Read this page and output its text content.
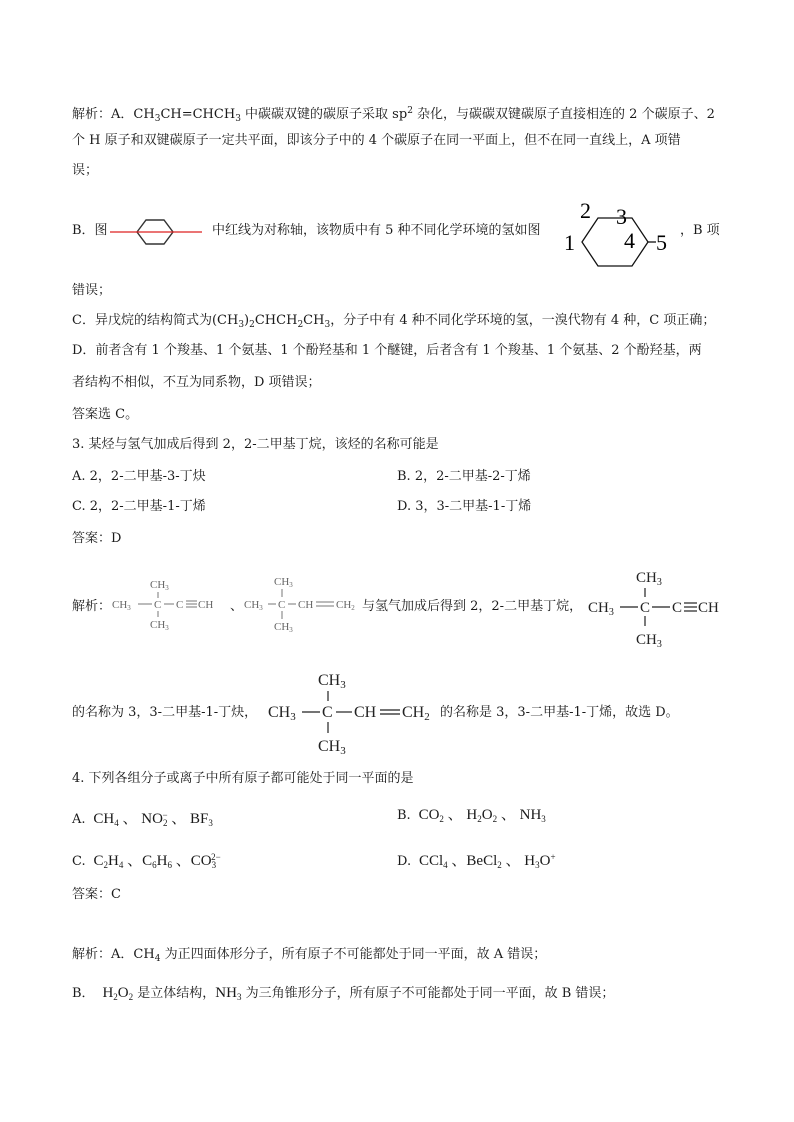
解析：A．$CH_3CH=CHCH_3$ 中碳碳双键的碳原子采取 $sp^2$ 杂化，与碳碳双键碳原子直接相连的 2 个碳原子、2
个 H 原子和双键碳原子一定共平面，即该分子中的 4 个碳原子在同一平面上，但不在同一直线上，A 项错
误；
B．图	中红线为对称轴，该物质中有 5 种不同化学环境的氢如图 1
2 3
4 5 ，B 项
错误；
C．异戊烷的结构简式为$(CH_3)_2CHCH_2CH_3$，分子中有 4 种不同化学环境的氢，一溴代物有 4 种，C 项正确；
D．前者含有 1 个羧基、1 个氨基、1 个酚羟基和 1 个醚键，后者含有 1 个羧基、1 个氨基、2 个酚羟基，两
者结构不相似，不互为同系物，D 项错误；
答案选 C。
3. 某烃与氢气加成后得到 2，2-二甲基丁烷，该烃的名称可能是
A. 2，2-二甲基-3-丁炔	B. 2，2-二甲基-2-丁烯
C. 2，2-二甲基-1-丁烯	D. 3，3-二甲基-1-丁烯
答案：D
解析：
CH3
CH3 C	CH
CH3
C	、
CH3
CH3 C CH CH2
CH3
与氢气加成后得到 2，2-二甲基丁烷，
$CH_3$
$CH_3$ C C CH
$CH_3$
的名称为 3，3-二甲基-1-丁炔，
CH3
CH3 C CH CH2
CH3
的名称是 3，3-二甲基-1-丁烯，故选 D。
4. 下列各组分子或离子中所有原子都可能处于同一平面的是
A.  $CH_4$ 、 $NO_2^-$ 、 $BF_3$	B.  $CO_2$ 、 $H_2O_2$ 、 $NH_3$
C.  $C_2H_4$ 、$C_6H_6$ 、$CO_3^{2-}$	D.  CCl$_4$ 、BeCl$_2$ 、 $H_3O^+$
答案：C
解析：A．$CH_4$ 为正四面体形分子，所有原子不可能都处于同一平面，故 A 错误；
B．  $H_2O_2$ 是立体结构，$NH_3$ 为三角锥形分子，所有原子不可能都处于同一平面，故 B 错误；
